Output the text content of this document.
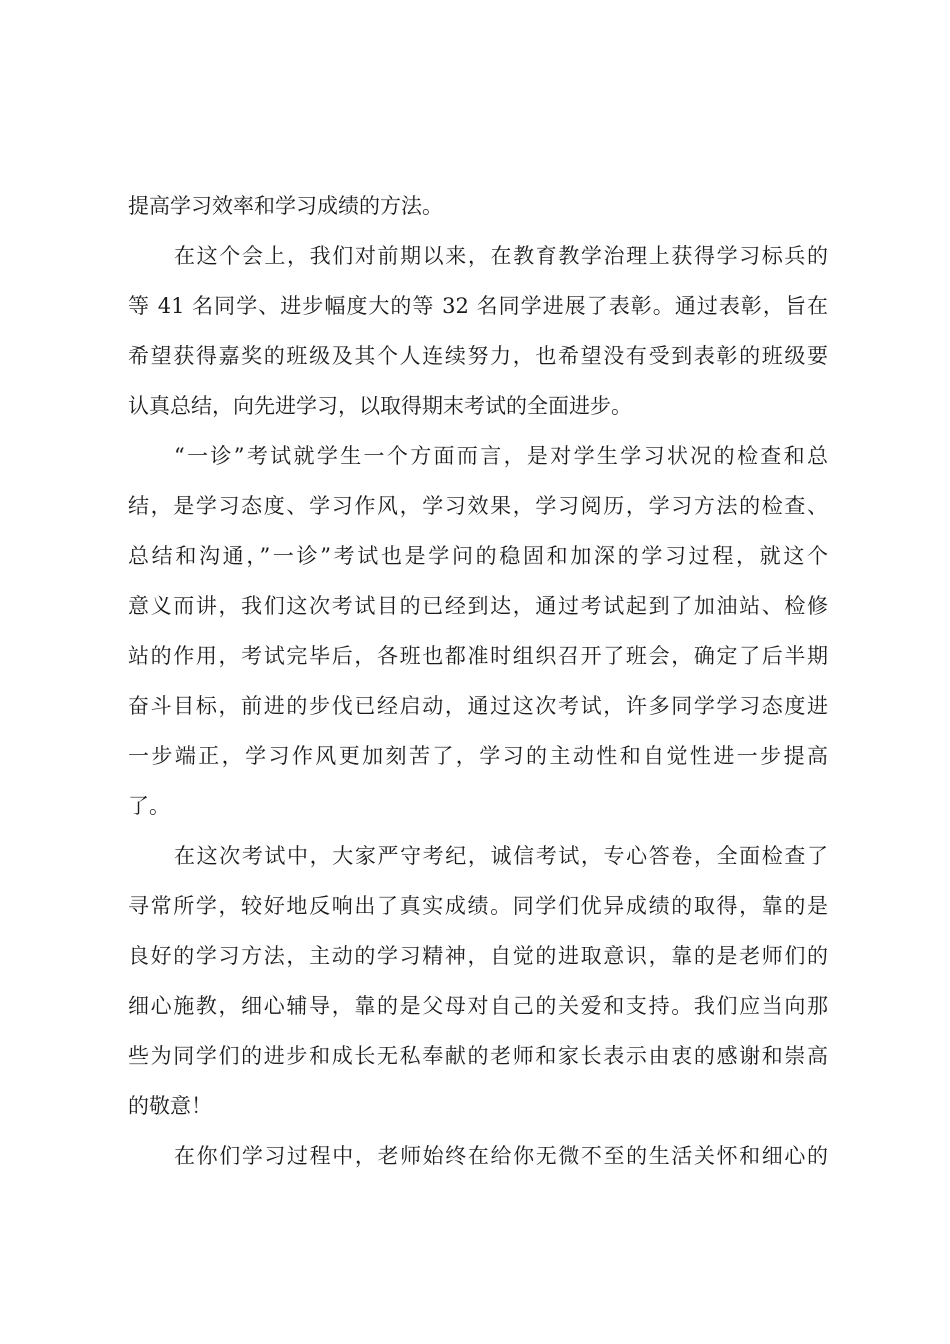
提高学习效率和学习成绩的方法。
在这个会上，我们对前期以来，在教育教学治理上获得学习标兵的
等 41 名同学、进步幅度大的等 32 名同学进展了表彰。通过表彰，旨在
希望获得嘉奖的班级及其个人连续努力，也希望没有受到表彰的班级要
认真总结，向先进学习，以取得期末考试的全面进步。
“一诊”考试就学生一个方面而言，是对学生学习状况的检查和总
结，是学习态度、学习作风，学习效果，学习阅历，学习方法的检查、
总结和沟通，”一诊”考试也是学问的稳固和加深的学习过程，就这个
意义而讲，我们这次考试目的已经到达，通过考试起到了加油站、检修
站的作用，考试完毕后，各班也都准时组织召开了班会，确定了后半期
奋斗目标，前进的步伐已经启动，通过这次考试，许多同学学习态度进
一步端正，学习作风更加刻苦了，学习的主动性和自觉性进一步提高
了。
在这次考试中，大家严守考纪，诚信考试，专心答卷，全面检查了
寻常所学，较好地反响出了真实成绩。同学们优异成绩的取得，靠的是
良好的学习方法，主动的学习精神，自觉的进取意识，靠的是老师们的
细心施教，细心辅导，靠的是父母对自己的关爱和支持。我们应当向那
些为同学们的进步和成长无私奉献的老师和家长表示由衷的感谢和崇高
的敬意！
在你们学习过程中，老师始终在给你无微不至的生活关怀和细心的
